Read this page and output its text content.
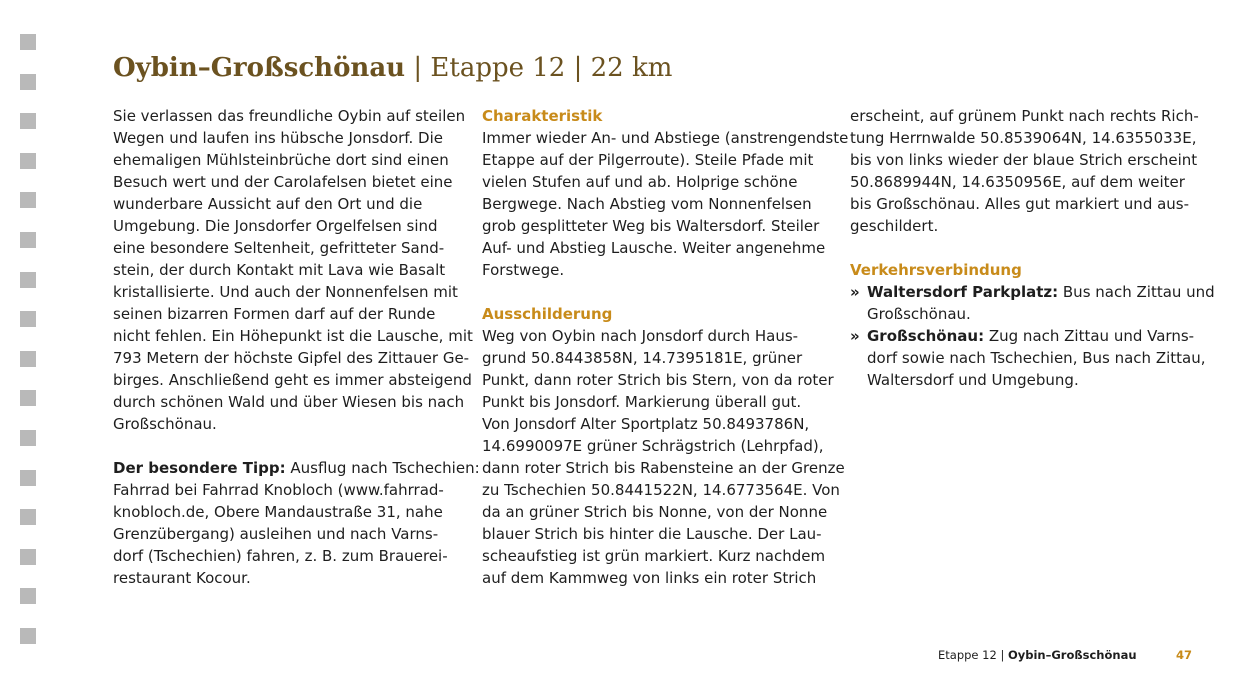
Oybin–Großschönau | Etappe 12 | 22 km
Sie verlassen das freundliche Oybin auf steilen
Wegen und laufen ins hübsche Jonsdorf. Die
ehemaligen Mühlsteinbrüche dort sind einen
Besuch wert und der Carolafelsen bietet eine
wunderbare Aussicht auf den Ort und die
Umgebung. Die Jonsdorfer Orgelfelsen sind
eine besondere Seltenheit, gefritteter Sand-
stein, der durch Kontakt mit Lava wie Basalt
kristallisierte. Und auch der Nonnenfelsen mit
seinen bizarren Formen darf auf der Runde
nicht fehlen. Ein Höhepunkt ist die Lausche, mit
793 Metern der höchste Gipfel des Zittauer Ge-
birges. Anschließend geht es immer absteigend
durch schönen Wald und über Wiesen bis nach
Großschönau.
Der besondere Tipp: Ausflug nach Tschechien:
Fahrrad bei Fahrrad Knobloch (www.fahrrad-
knobloch.de, Obere Mandaustraße 31, nahe
Grenzübergang) ausleihen und nach Varns-
dorf (Tschechien) fahren, z. B. zum Brauerei-
restaurant Kocour.
Charakteristik
Immer wieder An- und Abstiege (anstrengendste
Etappe auf der Pilgerroute). Steile Pfade mit
vielen Stufen auf und ab. Holprige schöne
Bergwege. Nach Abstieg vom Nonnenfelsen
grob gesplitteter Weg bis Waltersdorf. Steiler
Auf- und Abstieg Lausche. Weiter angenehme
Forstwege.
Ausschilderung
Weg von Oybin nach Jonsdorf durch Haus-
grund 50.8443858N, 14.7395181E, grüner
Punkt, dann roter Strich bis Stern, von da roter
Punkt bis Jonsdorf. Markierung überall gut.
Von Jonsdorf Alter Sportplatz 50.8493786N,
14.6990097E grüner Schrägstrich (Lehrpfad),
dann roter Strich bis Rabensteine an der Grenze
zu Tschechien 50.8441522N, 14.6773564E. Von
da an grüner Strich bis Nonne, von der Nonne
blauer Strich bis hinter die Lausche. Der Lau-
scheaufstieg ist grün markiert. Kurz nachdem
auf dem Kammweg von links ein roter Strich
erscheint, auf grünem Punkt nach rechts Rich-
tung Herrnwalde 50.8539064N, 14.6355033E,
bis von links wieder der blaue Strich erscheint
50.8689944N, 14.6350956E, auf dem weiter
bis Großschönau. Alles gut markiert und aus-
geschildert.
Verkehrsverbindung
» Waltersdorf Parkplatz: Bus nach Zittau und
Großschönau.
» Großschönau: Zug nach Zittau und Varns-
dorf sowie nach Tschechien, Bus nach Zittau,
Waltersdorf und Umgebung.
Etappe 12 | Oybin–Großschönau	47
